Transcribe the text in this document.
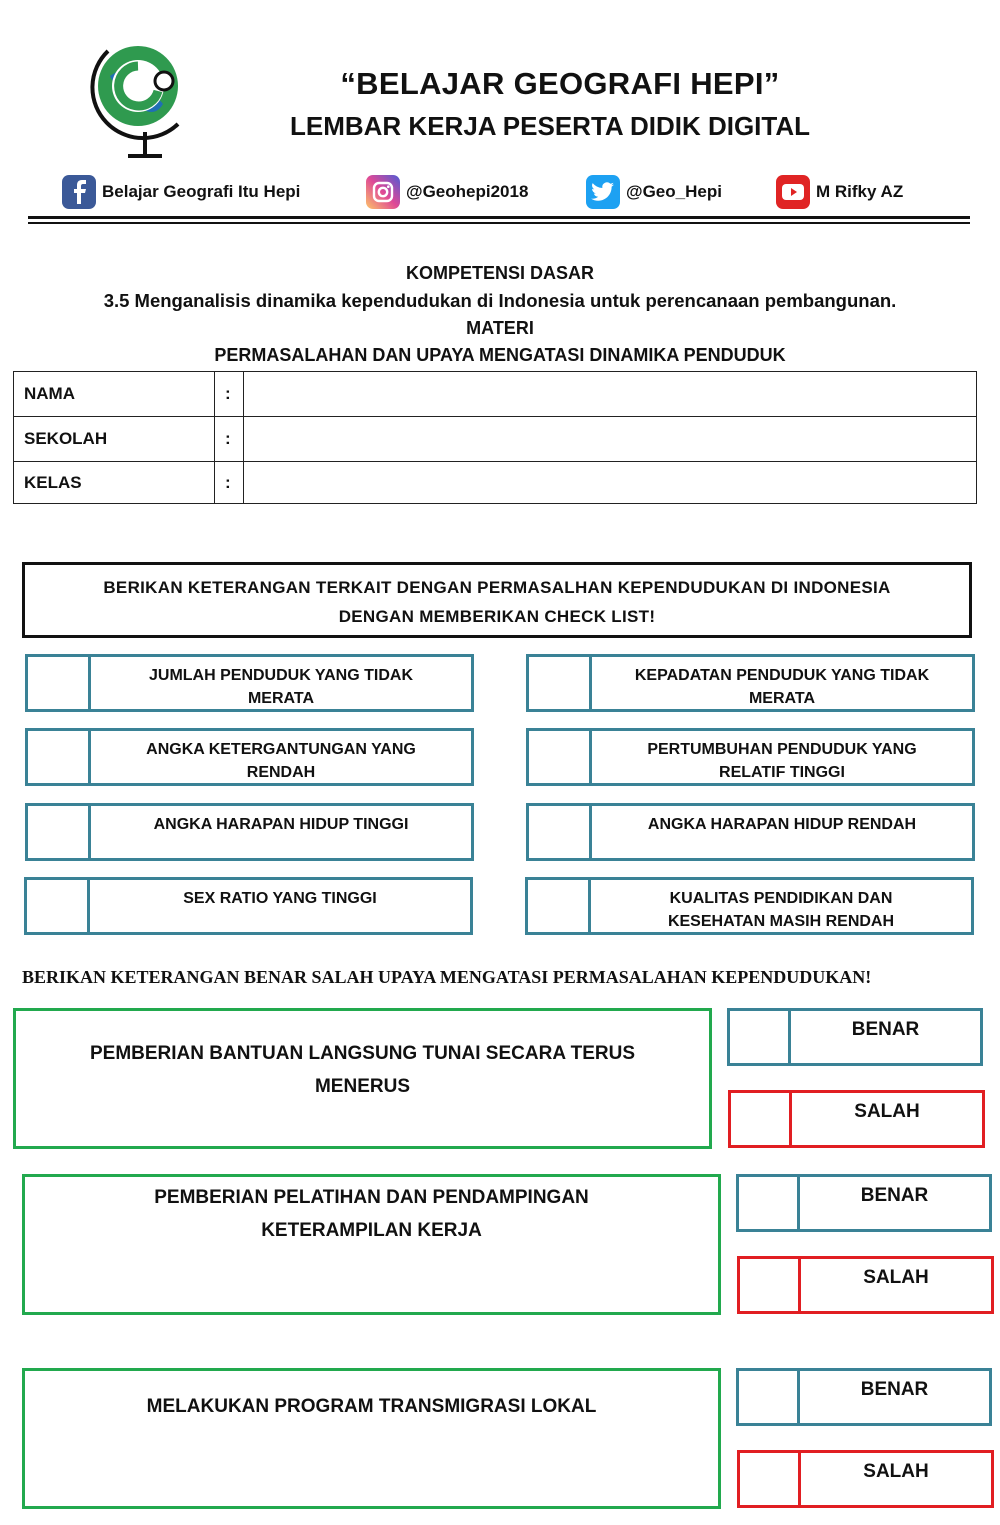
“BELAJAR GEOGRAFI HEPI”
LEMBAR KERJA PESERTA DIDIK DIGITAL
Belajar Geografi Itu Hepi	@Geohepi2018	@Geo_Hepi	M Rifky AZ
KOMPETENSI DASAR
3.5 Menganalisis dinamika kependudukan di Indonesia untuk perencanaan pembangunan.
MATERI
PERMASALAHAN DAN UPAYA MENGATASI DINAMIKA PENDUDUK
NAMA	:	
SEKOLAH	:	
KELAS	:	
BERIKAN KETERANGAN TERKAIT DENGAN PERMASALHAN KEPENDUDUKAN DI INDONESIA
DENGAN MEMBERIKAN CHECK LIST!
JUMLAH PENDUDUK YANG TIDAK
MERATA
KEPADATAN PENDUDUK YANG TIDAK
MERATA
ANGKA KETERGANTUNGAN YANG
RENDAH
PERTUMBUHAN PENDUDUK YANG
RELATIF TINGGI
ANGKA HARAPAN HIDUP TINGGI	ANGKA HARAPAN HIDUP RENDAH
SEX RATIO YANG TINGGI	KUALITAS PENDIDIKAN DAN
KESEHATAN MASIH RENDAH
BERIKAN KETERANGAN BENAR SALAH UPAYA MENGATASI PERMASALAHAN KEPENDUDUKAN!
PEMBERIAN BANTUAN LANGSUNG TUNAI SECARA TERUS
MENERUS
BENAR
SALAH
PEMBERIAN PELATIHAN DAN PENDAMPINGAN
KETERAMPILAN KERJA
BENAR
SALAH
MELAKUKAN PROGRAM TRANSMIGRASI LOKAL
BENAR
SALAH
